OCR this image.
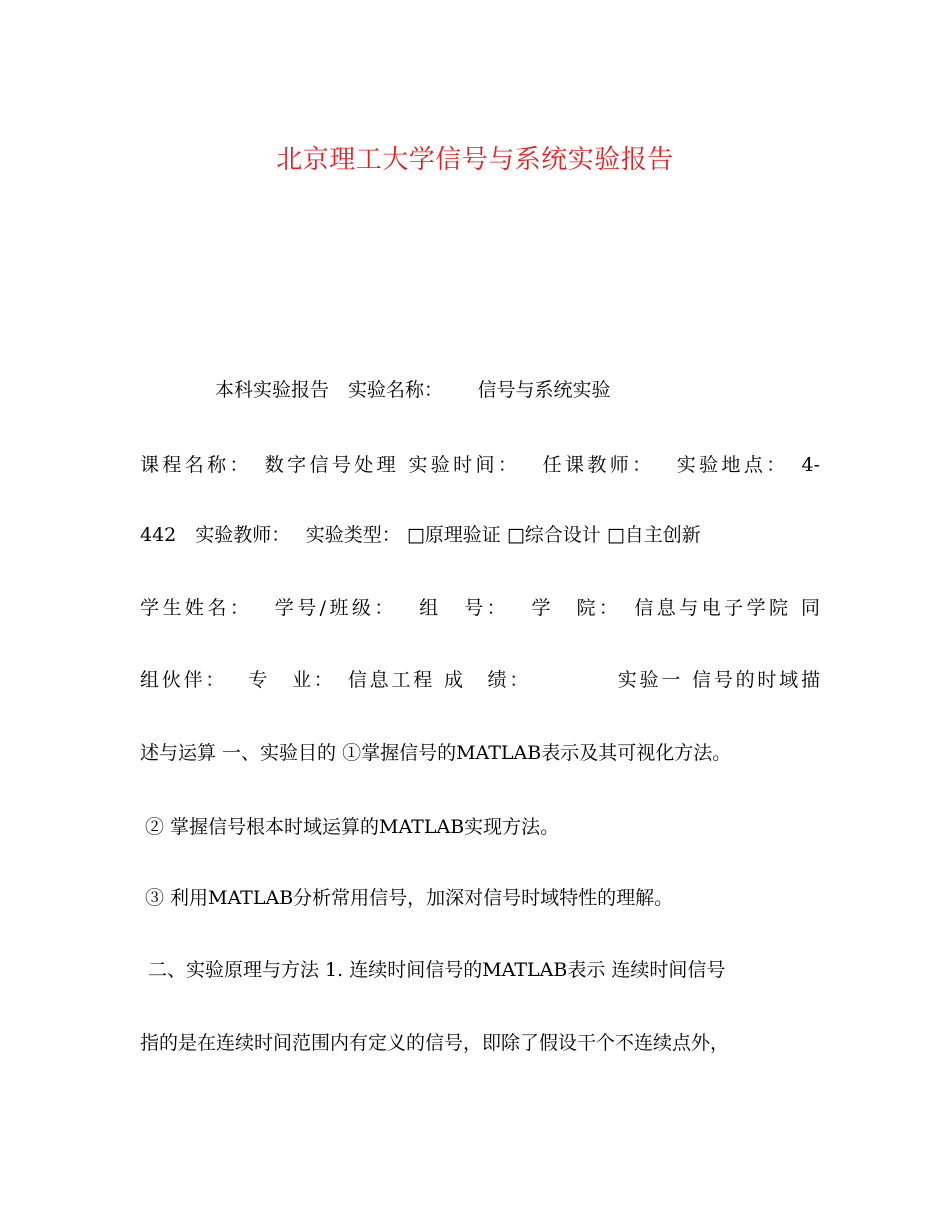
北京理工大学信号与系统实验报告
本科实验报告　实验名称：　　 信号与系统实验
课程名称：　数字信号处理 实验时间：　 任课教师：　 实验地点：　4-
442　实验教师：　 实验类型： □原理验证 □综合设计 □自主创新
学生姓名：　 学号/班级：　 组　号：　 学　院：　信息与电子学院 同
组伙伴：　 专　业：　信息工程 成　绩：　　　　 实验一 信号的时域描
述与运算 一、实验目的 ①掌握信号的MATLAB表示及其可视化方法。
② 掌握信号根本时域运算的MATLAB实现方法。
③ 利用MATLAB分析常用信号，加深对信号时域特性的理解。
二、实验原理与方法 1. 连续时间信号的MATLAB表示 连续时间信号
指的是在连续时间范围内有定义的信号，即除了假设干个不连续点外，
